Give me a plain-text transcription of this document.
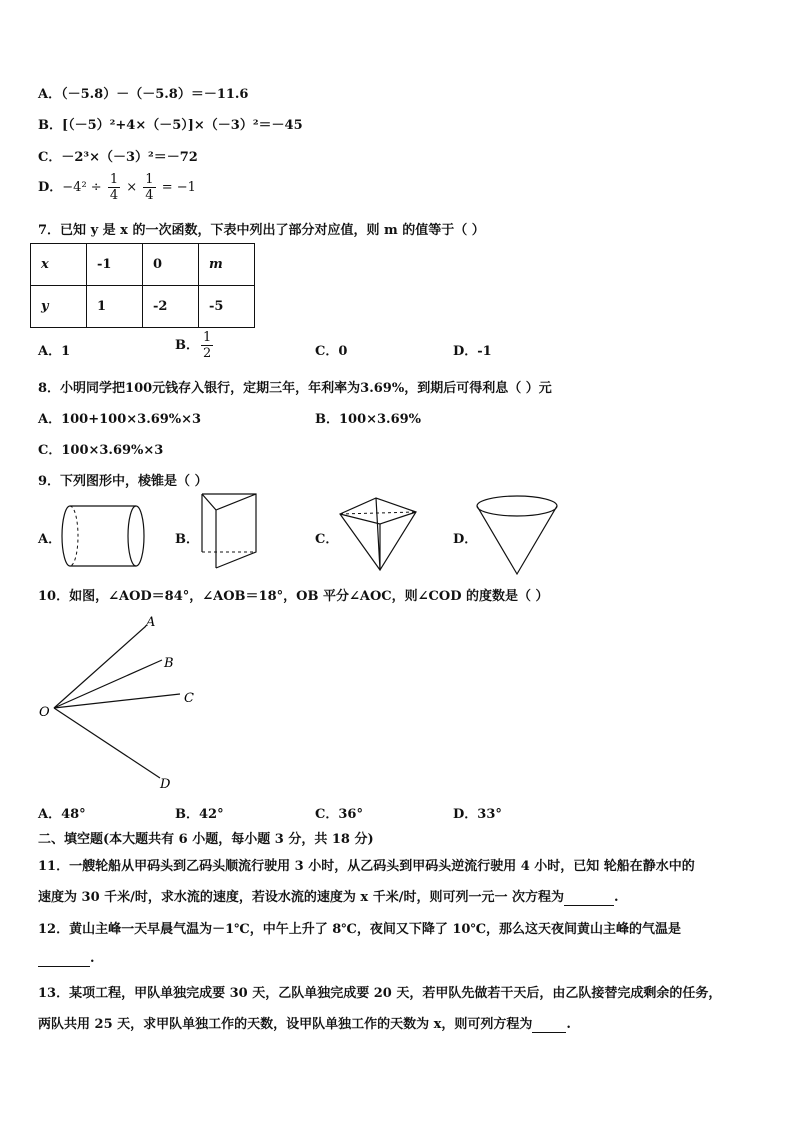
A．（－5.8）－（－5.8）＝－11.6
B．[（－5）²+4×（－5）]×（－3）²＝－45
C．－2³×（－3）²＝－72
D．$-4^2 \div \frac{1}{4} \times \frac{1}{4} = -1$
7．已知 y 是 x 的一次函数，下表中列出了部分对应值，则 m 的值等于（ ）
x	-1	0	m
y	1	-2	-5
A．1	B． $\frac{1}{2}$	C．0	D．-1
8．小明同学把100元钱存入银行，定期三年，年利率为3.69%，到期后可得利息（ ）元
A．100+100×3.69%×3	B．100×3.69%
C．100×3.69%×3
9．下列图形中，棱锥是（ ）
A．	B．	C．	D．
10．如图，∠AOD＝84°，∠AOB＝18°，OB 平分∠AOC，则∠COD 的度数是（ ）
A
B
C
D
O
A．48°	B．42°	C．36°	D．33°
二、填空题(本大题共有 6 小题，每小题 3 分，共 18 分)
11．一艘轮船从甲码头到乙码头顺流行驶用 3 小时，从乙码头到甲码头逆流行驶用 4 小时，已知 轮船在静水中的
速度为 30 千米/时，求水流的速度，若设水流的速度为 x 千米/时，则可列一元一 次方程为	.
12．黄山主峰一天早晨气温为－1℃，中午上升了 8℃，夜间又下降了 10℃，那么这天夜间黄山主峰的气温是
.
13．某项工程，甲队单独完成要 30 天，乙队单独完成要 20 天，若甲队先做若干天后，由乙队接替完成剩余的任务，
两队共用 25 天，求甲队单独工作的天数，设甲队单独工作的天数为 x，则可列方程为	.
